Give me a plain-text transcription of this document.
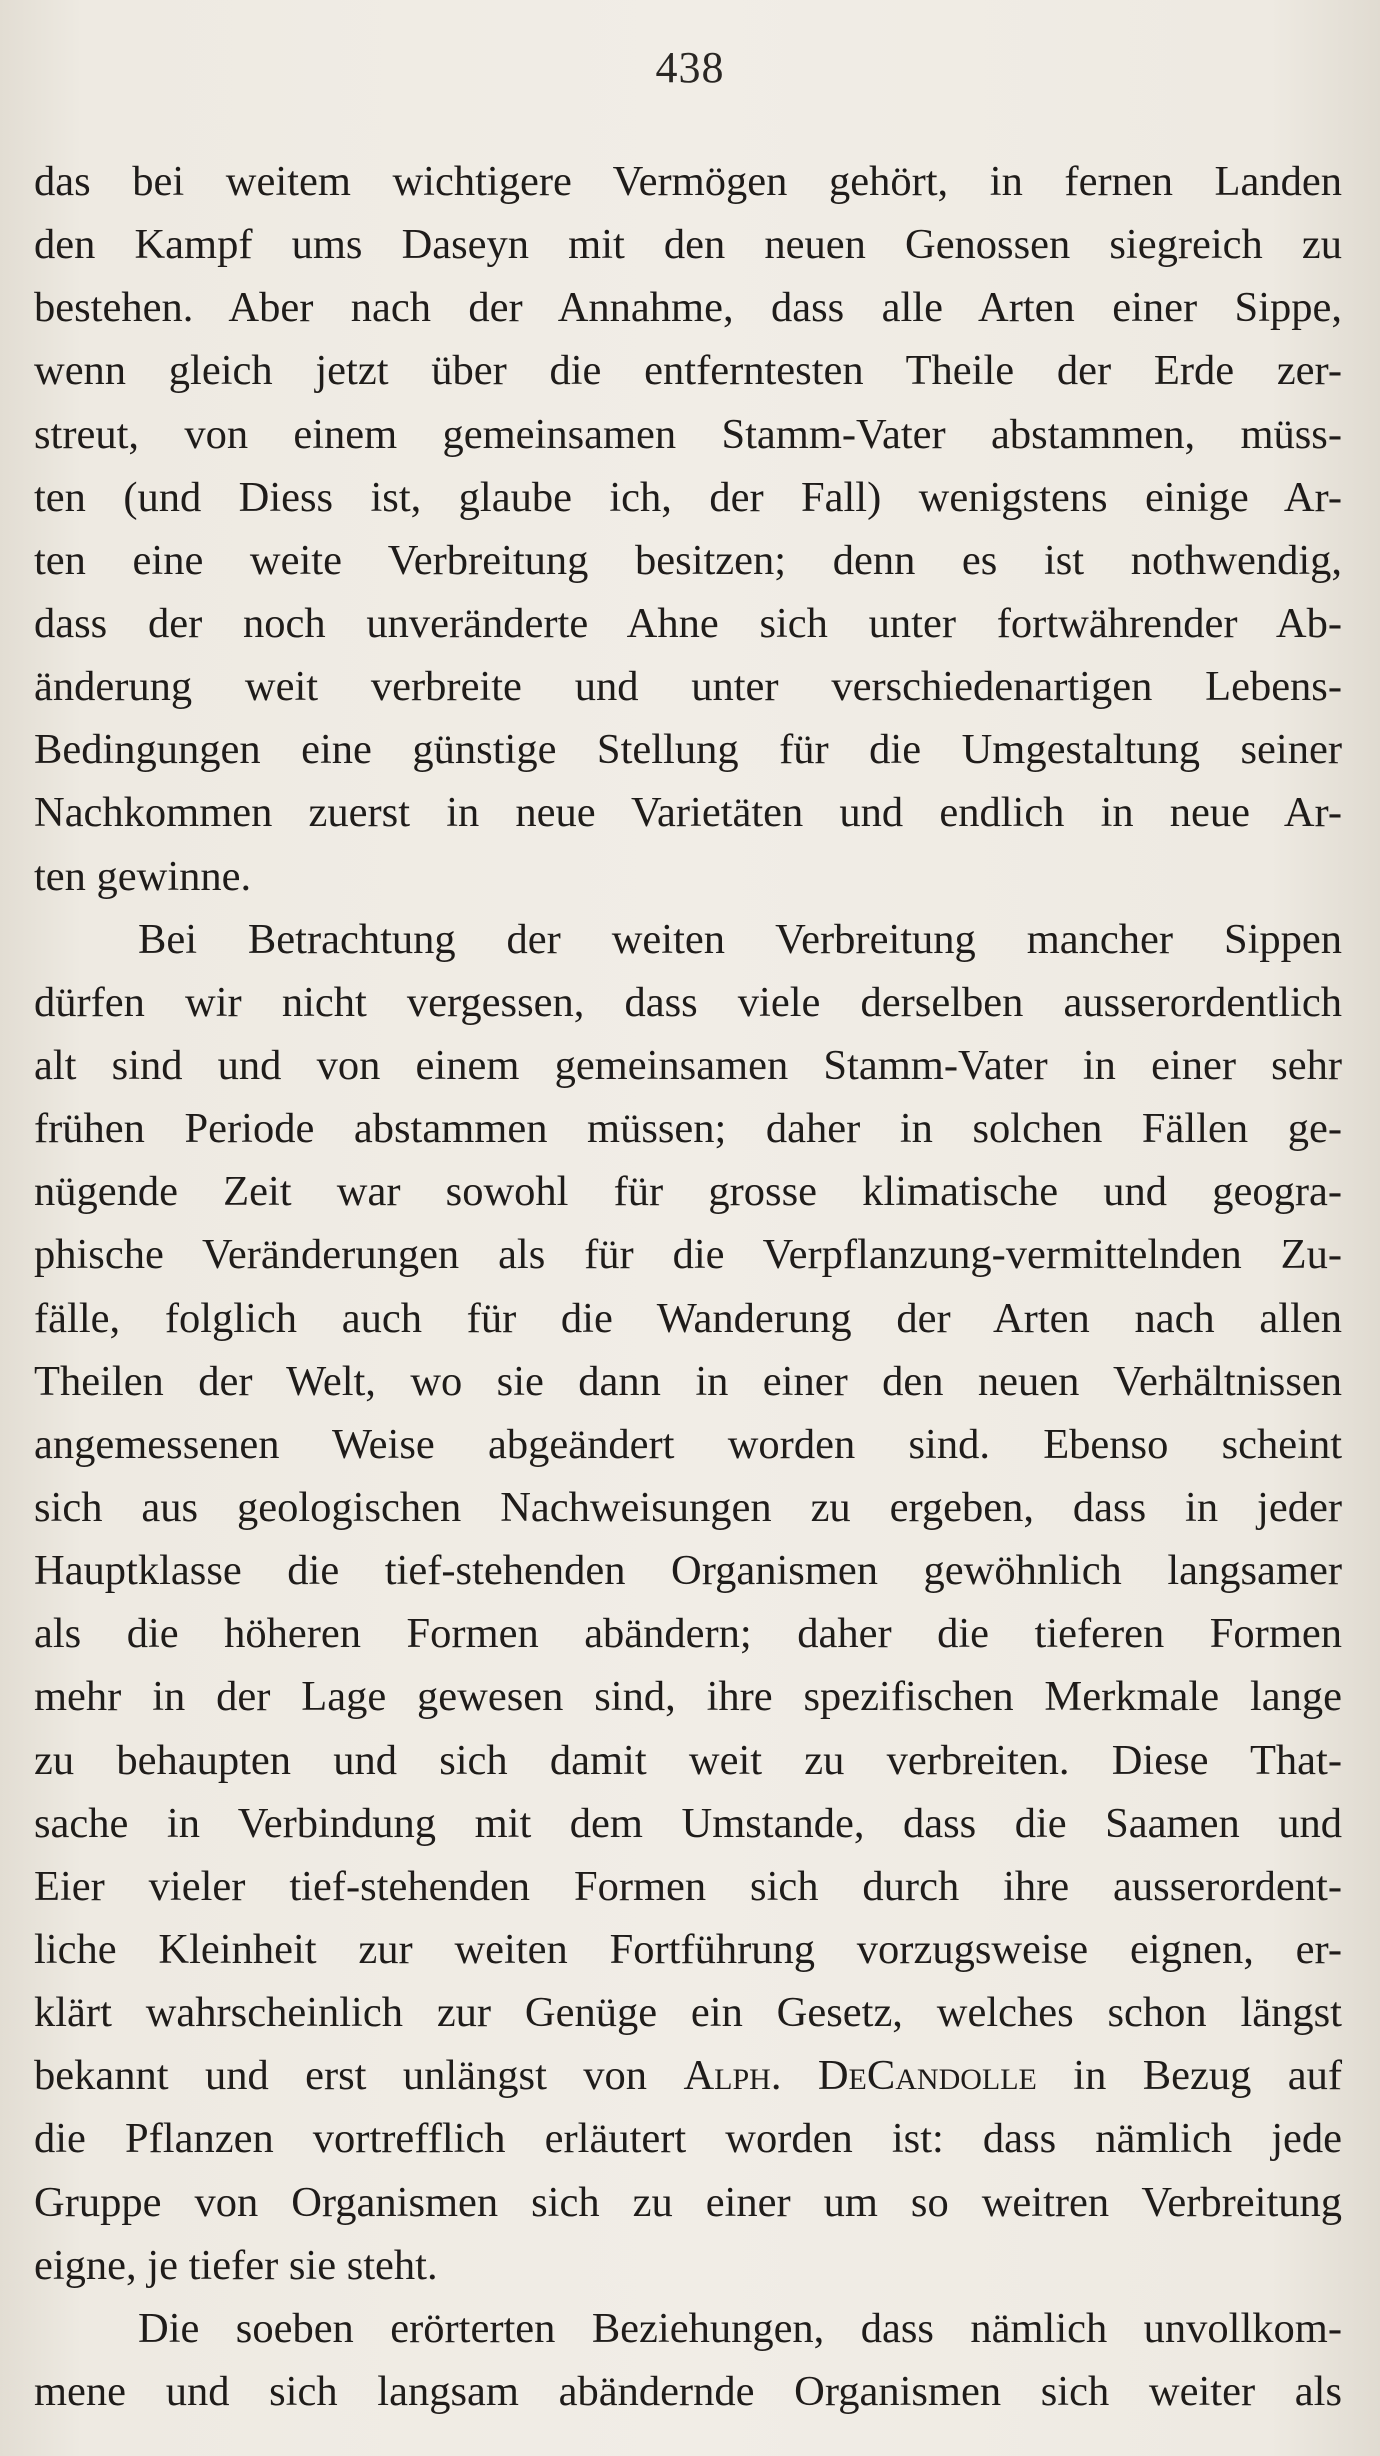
438
das bei weitem wichtigere Vermögen gehört, in fernen Landen
den Kampf ums Daseyn mit den neuen Genossen siegreich zu
bestehen. Aber nach der Annahme, dass alle Arten einer Sippe,
wenn gleich jetzt über die entferntesten Theile der Erde zer-
streut, von einem gemeinsamen Stamm-Vater abstammen, müss-
ten (und Diess ist, glaube ich, der Fall) wenigstens einige Ar-
ten eine weite Verbreitung besitzen; denn es ist nothwendig,
dass der noch unveränderte Ahne sich unter fortwährender Ab-
änderung weit verbreite und unter verschiedenartigen Lebens-
Bedingungen eine günstige Stellung für die Umgestaltung seiner
Nachkommen zuerst in neue Varietäten und endlich in neue Ar-
ten gewinne.
Bei Betrachtung der weiten Verbreitung mancher Sippen
dürfen wir nicht vergessen, dass viele derselben ausserordentlich
alt sind und von einem gemeinsamen Stamm-Vater in einer sehr
frühen Periode abstammen müssen; daher in solchen Fällen ge-
nügende Zeit war sowohl für grosse klimatische und geogra-
phische Veränderungen als für die Verpflanzung-vermittelnden Zu-
fälle, folglich auch für die Wanderung der Arten nach allen
Theilen der Welt, wo sie dann in einer den neuen Verhältnissen
angemessenen Weise abgeändert worden sind. Ebenso scheint
sich aus geologischen Nachweisungen zu ergeben, dass in jeder
Hauptklasse die tief-stehenden Organismen gewöhnlich langsamer
als die höheren Formen abändern; daher die tieferen Formen
mehr in der Lage gewesen sind, ihre spezifischen Merkmale lange
zu behaupten und sich damit weit zu verbreiten. Diese That-
sache in Verbindung mit dem Umstande, dass die Saamen und
Eier vieler tief-stehenden Formen sich durch ihre ausserordent-
liche Kleinheit zur weiten Fortführung vorzugsweise eignen, er-
klärt wahrscheinlich zur Genüge ein Gesetz, welches schon längst
bekannt und erst unlängst von Alph. DeCandolle in Bezug auf
die Pflanzen vortrefflich erläutert worden ist: dass nämlich jede
Gruppe von Organismen sich zu einer um so weitren Verbreitung
eigne, je tiefer sie steht.
Die soeben erörterten Beziehungen, dass nämlich unvollkom-
mene und sich langsam abändernde Organismen sich weiter als
